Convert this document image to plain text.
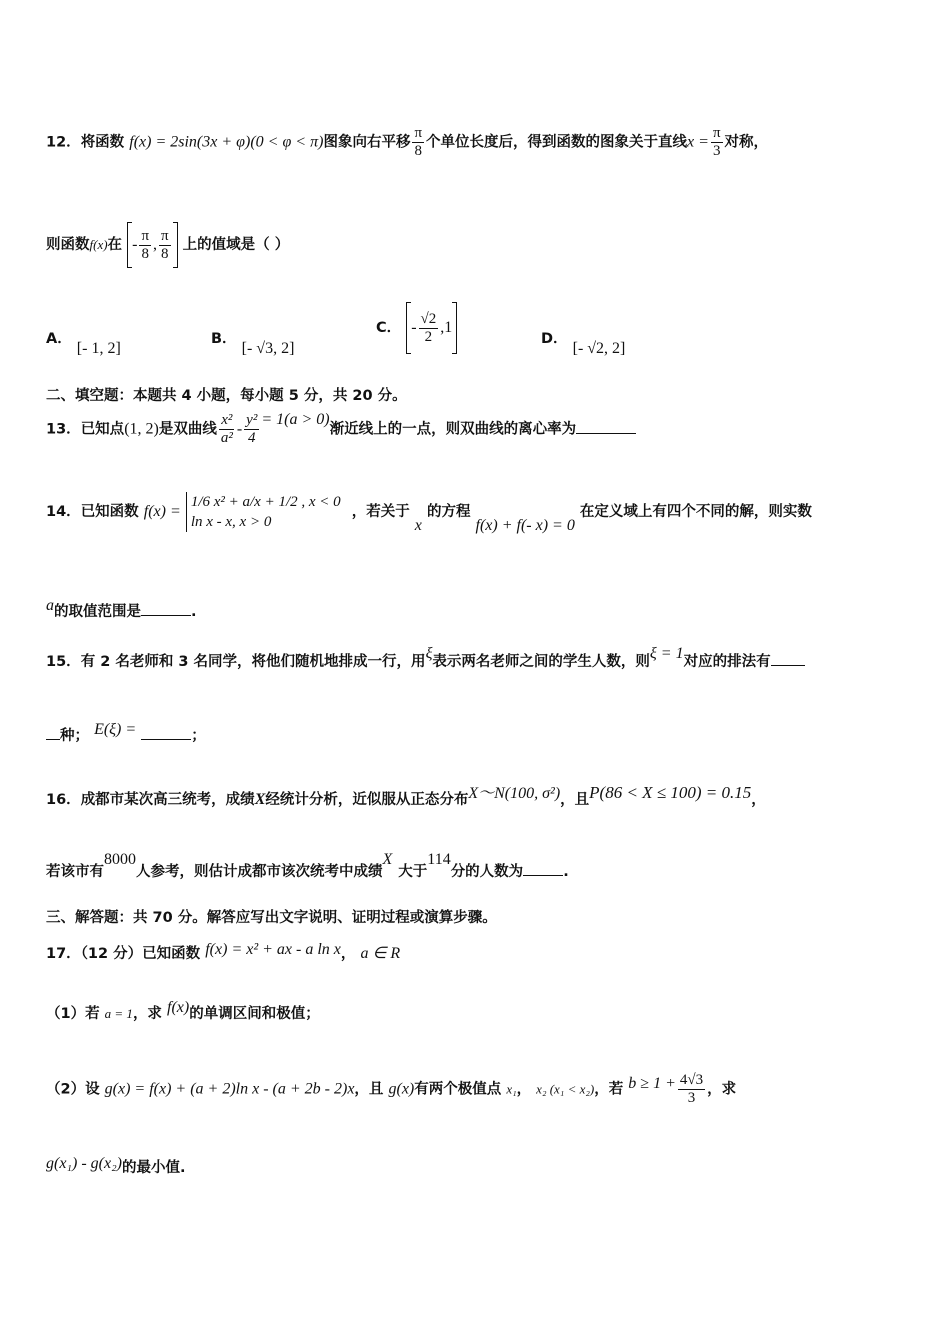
12．将函数 f(x) = 2sin(3x + φ)(0 < φ < π)图象向右平移 $\frac{\pi}{8}$ 个单位长度后，得到函数的图象关于直线$x = \frac{\pi}{3}$ 对称，
则函数f(x)在 - $\frac{\pi}{8}$ , $\frac{\pi}{8}$ 上的值域是（ ）
A． [- 1, 2]
B． [- √3, 2]
C． - $\frac{√2}{2} ,1$
D． [- √2, 2]
二、填空题：本题共 4 小题，每小题 5 分，共 20 分。
13．已知点(1, 2)是双曲线 $\frac{\text{x²}}{\text{a²}} - \frac{\text{y²}}{4} = 1(a > 0)$渐近线上的一点，则双曲线的离心率为
14．已知函数 f(x) =
1/6 x² + a/x + 1/2 , x < 0
ln x - x, x > 0
，若关于 x 的方程 f(x) + f(- x) = 0 在定义域上有四个不同的解，则实数
a的取值范围是	.
15．有 2 名老师和 3 名同学，将他们随机地排成一行，用ξ表示两名老师之间的学生人数，则ξ = 1对应的排法有
种； E(ξ) =	；
16．成都市某次高三统考，成绩X经统计分析，近似服从正态分布X～N(100, σ²)，且P(86 < X ≤ 100) = 0.15，
若该市有8000人参考，则估计成都市该次统考中成绩X大于114分的人数为	.
三、解答题：共 70 分。解答应写出文字说明、证明过程或演算步骤。
17．（12 分）已知函数 f(x) = x² + ax - a ln x， a ∈ R
（1）若 a = 1，求 f(x)的单调区间和极值；
（2）设 g(x) = f(x) + (a + 2)ln x - (a + 2b - 2)x，且 g(x)有两个极值点 x₁， x₂ (x₁ < x₂)，若 $b \ge 1 + \frac{4√3}{3}$ ，求
g(x₁) - g(x₂)的最小值.
